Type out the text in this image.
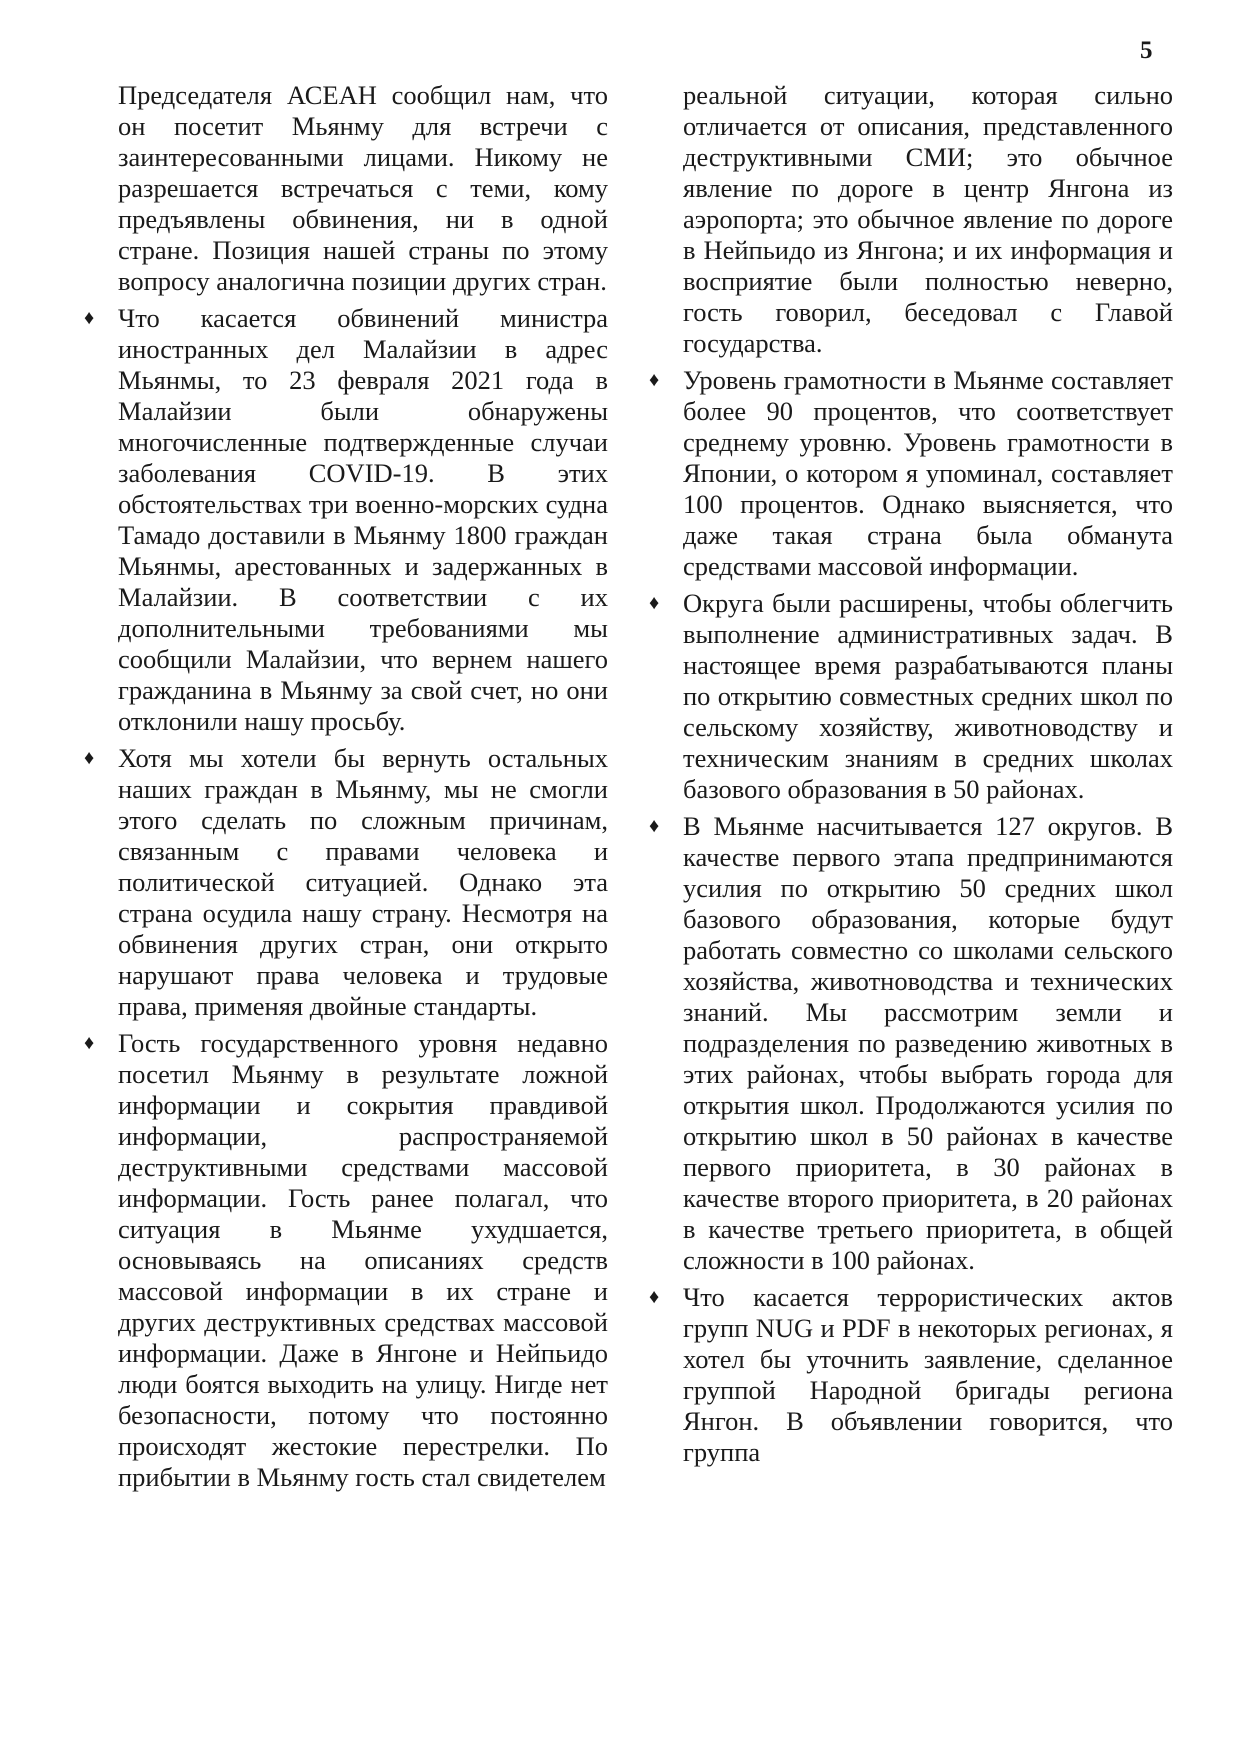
5

Председателя АСЕАН сообщил нам, что он посетит Мьянму для встречи с заинтересованными лицами. Никому не разрешается встречаться с теми, кому предъявлены обвинения, ни в одной стране. Позиция нашей страны по этому вопросу аналогична позиции других стран.

♦ Что касается обвинений министра иностранных дел Малайзии в адрес Мьянмы, то 23 февраля 2021 года в Малайзии были обнаружены многочисленные подтвержденные случаи заболевания COVID-19. В этих обстоятельствах три военно-морских судна Тамадо доставили в Мьянму 1800 граждан Мьянмы, арестованных и задержанных в Малайзии. В соответствии с их дополнительными требованиями мы сообщили Малайзии, что вернем нашего гражданина в Мьянму за свой счет, но они отклонили нашу просьбу.
♦ Хотя мы хотели бы вернуть остальных наших граждан в Мьянму, мы не смогли этого сделать по сложным причинам, связанным с правами человека и политической ситуацией. Однако эта страна осудила нашу страну. Несмотря на обвинения других стран, они открыто нарушают права человека и трудовые права, применяя двойные стандарты.
♦ Гость государственного уровня недавно посетил Мьянму в результате ложной информации и сокрытия правдивой информации, распространяемой деструктивными средствами массовой информации. Гость ранее полагал, что ситуация в Мьянме ухудшается, основываясь на описаниях средств массовой информации в их стране и других деструктивных средствах массовой информации. Даже в Янгоне и Нейпьидо люди боятся выходить на улицу. Нигде нет безопасности, потому что постоянно происходят жестокие перестрелки. По прибытии в Мьянму гость стал свидетелем

реальной ситуации, которая сильно отличается от описания, представленного деструктивными СМИ; это обычное явление по дороге в центр Янгона из аэропорта; это обычное явление по дороге в Нейпьидо из Янгона; и их информация и восприятие были полностью неверно, гость говорил, беседовал с Главой государства.

♦ Уровень грамотности в Мьянме составляет более 90 процентов, что соответствует среднему уровню. Уровень грамотности в Японии, о котором я упоминал, составляет 100 процентов. Однако выясняется, что даже такая страна была обманута средствами массовой информации.
♦ Округа были расширены, чтобы облегчить выполнение административных задач. В настоящее время разрабатываются планы по открытию совместных средних школ по сельскому хозяйству, животноводству и техническим знаниям в средних школах базового образования в 50 районах.
♦ В Мьянме насчитывается 127 округов. В качестве первого этапа предпринимаются усилия по открытию 50 средних школ базового образования, которые будут работать совместно со школами сельского хозяйства, животноводства и технических знаний. Мы рассмотрим земли и подразделения по разведению животных в этих районах, чтобы выбрать города для открытия школ. Продолжаются усилия по открытию школ в 50 районах в качестве первого приоритета, в 30 районах в качестве второго приоритета, в 20 районах в качестве третьего приоритета, в общей сложности в 100 районах.
♦ Что касается террористических актов групп NUG и PDF в некоторых регионах, я хотел бы уточнить заявление, сделанное группой Народной бригады региона Янгон. В объявлении говорится, что группа
